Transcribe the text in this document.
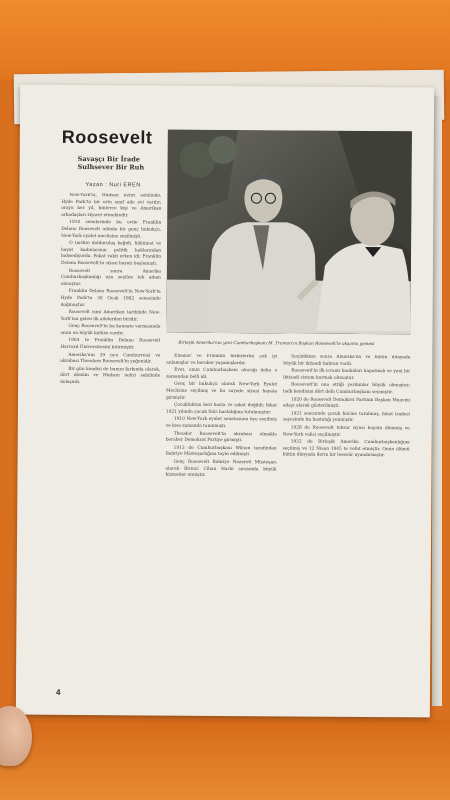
Roosevelt
Savaşçı Bir İrade
Sulhsever Bir Ruh
Yazan : Nuri EREN
Birleşik Amerika'nın yeni Cumhurbaşkanı M. Truman'ın Başkan Roosevelt'le akşama yemesi

New-York'ta, Hudson nehri sahilinde, Hyde Park'ta bir orta sınıf aile evi vardır; oraya her yıl, binlerce kişi ve Amerikan arkadaşları ziyaret etmektedir.

1910 senelerinde bu evde Franklin Delano Roosevelt adında bir genç hukukçu, New-York eyalet meclisine seçilmişti.

O tarihte dolduruluş kağıdı, hükümet ve hayat kadınlarının politik haklarından bahsediyordu. Fakat vakit erken idi; Franklin Delano Roosevelt'in siyasi hayatı başlamıştı.

Roosevelt sonra Amerika Cumhurbaşkanlığı için seçilen tek adam olmuştur.

Franklin Delano Roosevelt'in New-York'ta Hyde Park'ta 30 Ocak 1882 senesinde doğmuştur.

Roosevelt ismi Amerikan tarihinde New-York'tan gelen ilk ailelerden biridir.

Genç Roosevelt'in bu kanaate varmasında onun en büyük katkısı vardır.

1904 te Franklin Delano Roosevelt Harvard Üniversitesini bitirmiştir.

Amerika'nın 29 ncu Cumhurreisi ve akrabası Theodore Roosevelt'in yeğenidir.

Bir gün kendisi de bunun farkında olarak, dört dönüm ve Hudson nehri sahilinde dolaşırdı.

Eleanor ve Franklin birbirlerini çok iyi anlamışlar ve beraber yaşamışlardır.

Evet, onun Cumhurbaşkanı olacağı daha o zamandan belli idi.

Genç bir hukukçu olarak New-York Eyalet Meclisine seçilmiş ve bu sayede siyasi hayata girmiştir.

Çocukluktan beri hasta ve sakat değildi; fakat 1921 yılında çocuk felci hastalığına tutulmuştur.

1910 New-York eyalet senatosuna üye seçilmiş ve kısa zamanda tanınmıştı.

Theodor Roosevelt'in akrabası olmakla beraber Demokrat Partiye girmişti.

1913 de Cumhurbaşkanı Wilson tarafından Bahriye Müsteşarlığına tayin edilmişti.

Genç Roosevelt Bahriye Nezareti Müsteşarı olarak Birinci Cihan Harbi sırasında büyük hizmetler etmiştir.

Seçildikten sonra Amerika'da ve bütün dünyada büyük bir iktisadi buhran vardı.

Roosevelt'in ilk icraatı bankaları kapatmak ve yeni bir iktisadi sistem kurmak olmuştur.

Roosevelt'in ona ettiği yardımlar büyük olmuştur; halk kendisini dört defa Cumhurbaşkanı seçmiştir.

1920 de Roosevelt Demokrat Partinin Başkan Muavini adayı olarak gösterilmişti.

1921 senesinde çocuk felcine tutulmuş, fakat iradesi sayesinde bu hastalığı yenmiştir.

1928 de Roosevelt tekrar siyasi hayata dönmüş ve New-York valisi seçilmiştir.

1932 de Birleşik Amerika Cumhurbaşkanlığına seçilmiş ve 12 Nisan 1945 te vefat etmiştir. Onun ölümü bütün dünyada derin bir teessür uyandırmıştır.

4
